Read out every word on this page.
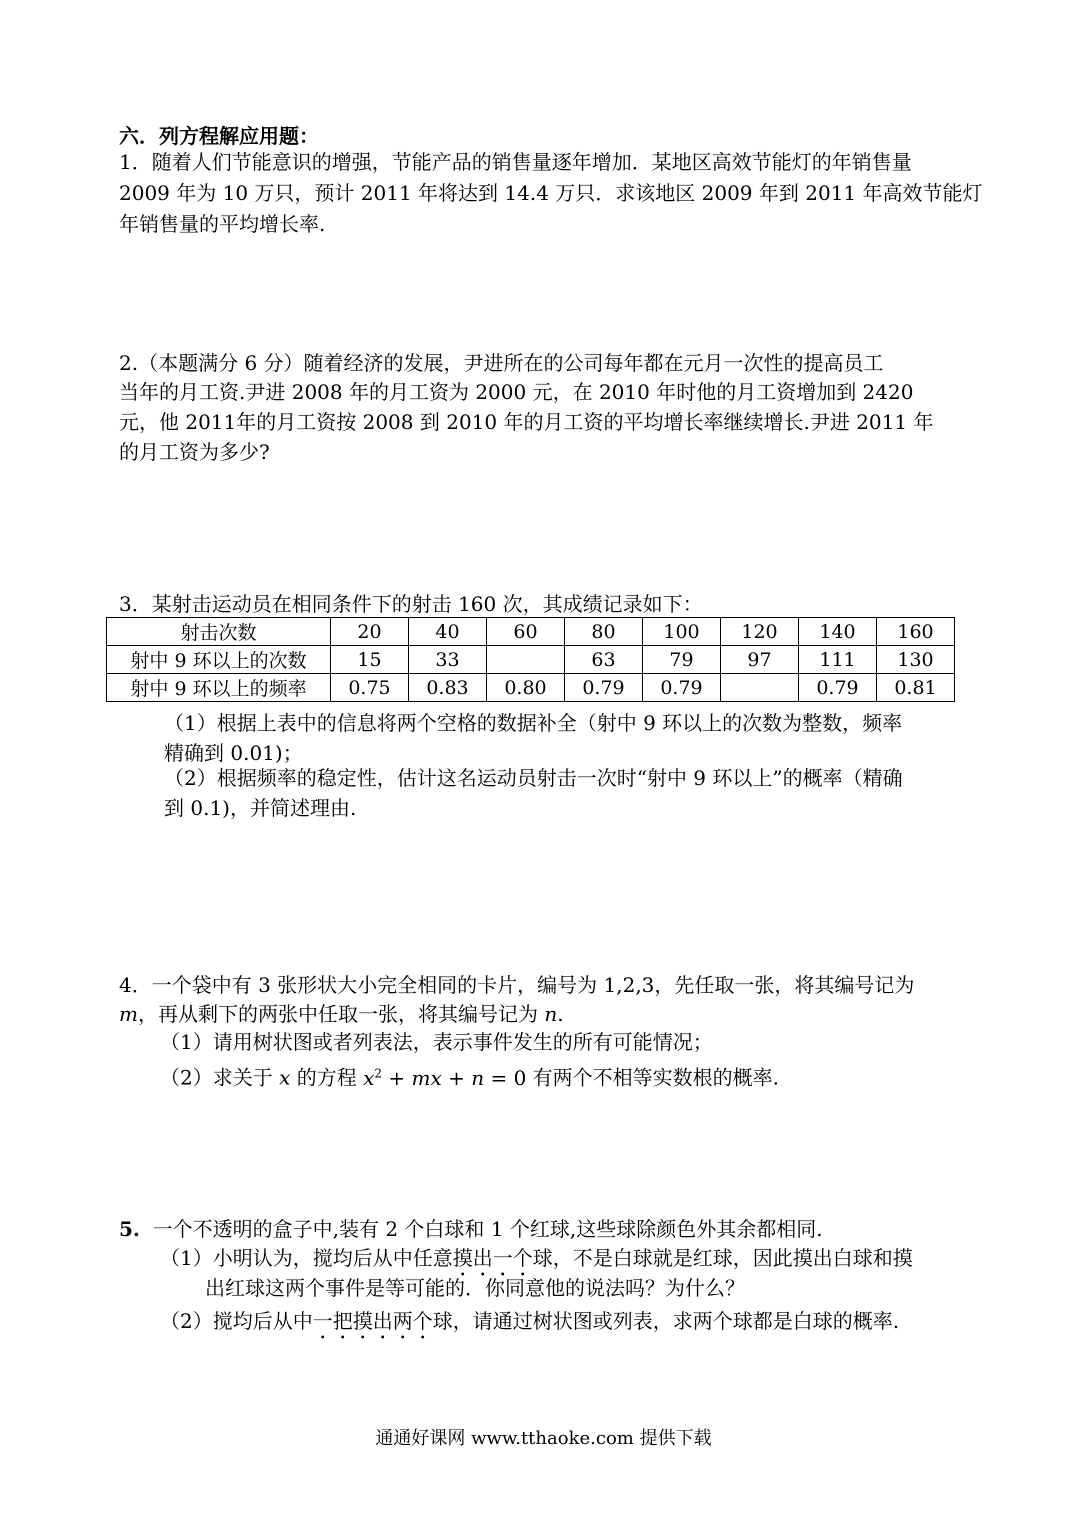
六．列方程解应用题：
1．随着人们节能意识的增强，节能产品的销售量逐年增加．某地区高效节能灯的年销售量
2009 年为 10 万只，预计 2011 年将达到 14.4 万只．求该地区 2009 年到 2011 年高效节能灯
年销售量的平均增长率.
2.（本题满分 6 分）随着经济的发展，尹进所在的公司每年都在元月一次性的提高员工
当年的月工资.尹进 2008 年的月工资为 2000 元，在 2010 年时他的月工资增加到 2420
元，他 2011年的月工资按 2008 到 2010 年的月工资的平均增长率继续增长.尹进 2011 年
的月工资为多少?
3．某射击运动员在相同条件下的射击 160 次，其成绩记录如下：
射击次数	20	40	60	80	100	120	140	160
射中 9 环以上的次数	15	33		63	79	97	111	130
射中 9 环以上的频率	0.75	0.83	0.80	0.79	0.79		0.79	0.81
（1）根据上表中的信息将两个空格的数据补全（射中 9 环以上的次数为整数，频率
精确到 0.01)；
（2）根据频率的稳定性，估计这名运动员射击一次时“射中 9 环以上”的概率（精确
到 0.1)，并简述理由.
4．一个袋中有 3 张形状大小完全相同的卡片，编号为 1,2,3，先任取一张，将其编号记为
m，再从剩下的两张中任取一张，将其编号记为 n.
（1）请用树状图或者列表法，表示事件发生的所有可能情况；
（2）求关于 x 的方程 $x^2$ + mx + n = 0 有两个不相等实数根的概率.
5. 一个不透明的盒子中,装有 2 个白球和 1 个红球,这些球除颜色外其余都相同.
（1）小明认为，搅均后从中任意摸出一个球，不是白球就是红球，因此摸出白球和摸
出红球这两个事件是等可能的．你同意他的说法吗？为什么？
（2）搅均后从中一把摸出两个球，请通过树状图或列表，求两个球都是白球的概率.
通通好课网 www.tthaoke.com 提供下载
